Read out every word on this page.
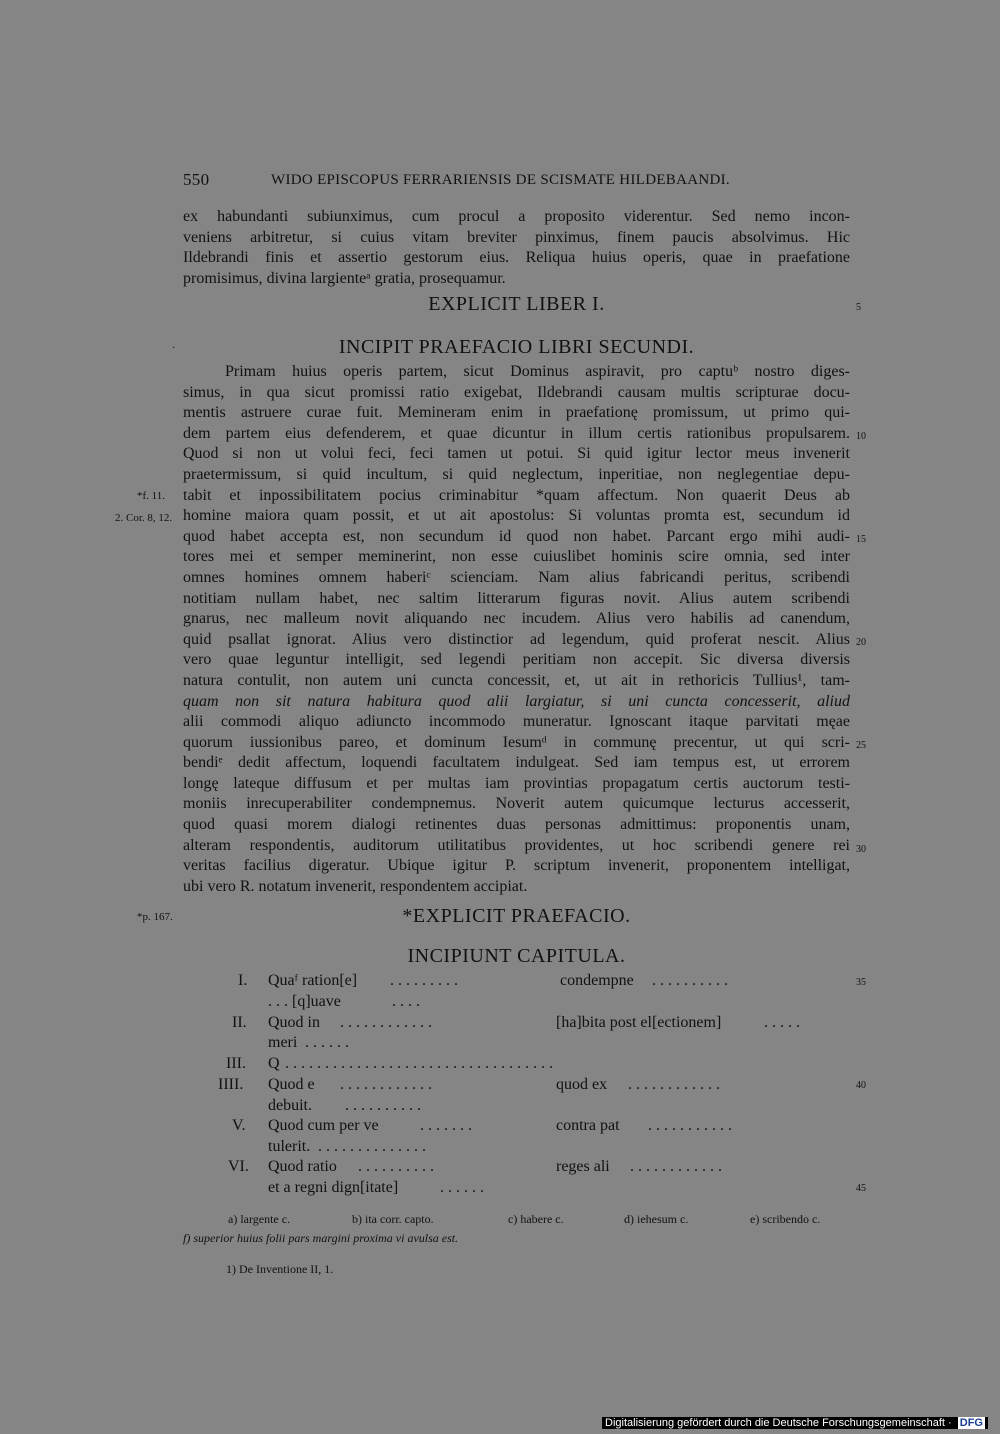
550	WIDO EPISCOPUS FERRARIENSIS DE SCISMATE HILDEBAANDI.
ex habundanti subiunximus, cum procul a proposito viderentur. Sed nemo incon-
veniens arbitretur, si cuius vitam breviter pinximus, finem paucis absolvimus. Hic
Ildebrandi finis et assertio gestorum eius. Reliqua huius operis, quae in praefatione
promisimus, divina largienteᵃ gratia, prosequamur.
EXPLICIT LIBER I.
INCIPIT PRAEFACIO LIBRI SECUNDI.
·
Primam huius operis partem, sicut Dominus aspiravit, pro captuᵇ nostro diges-
simus, in qua sicut promissi ratio exigebat, Ildebrandi causam multis scripturae docu-
mentis astruere curae fuit. Memineram enim in praefationę promissum, ut primo qui-
dem partem eius defenderem, et quae dicuntur in illum certis rationibus propulsarem.
Quod si non ut volui feci, feci tamen ut potui. Si quid igitur lector meus invenerit
praetermissum, si quid incultum, si quid neglectum, inperitiae, non neglegentiae depu-
tabit et inpossibilitatem pocius criminabitur *quam affectum. Non quaerit Deus ab
homine maiora quam possit, et ut ait apostolus: Si voluntas promta est, secundum id
quod habet accepta est, non secundum id quod non habet. Parcant ergo mihi audi-
tores mei et semper meminerint, non esse cuiuslibet hominis scire omnia, sed inter
omnes homines omnem haberiᶜ scienciam. Nam alius fabricandi peritus, scribendi
notitiam nullam habet, nec saltim litterarum figuras novit. Alius autem scribendi
gnarus, nec malleum novit aliquando nec incudem. Alius vero habilis ad canendum,
quid psallat ignorat. Alius vero distinctior ad legendum, quid proferat nescit. Alius
vero quae leguntur intelligit, sed legendi peritiam non accepit. Sic diversa diversis
natura contulit, non autem uni cuncta concessit, et, ut ait in rethoricis Tullius¹, tam-
quam non sit natura habitura quod alii largiatur, si uni cuncta concesserit, aliud
alii commodi aliquo adiuncto incommodo muneratur. Ignoscant itaque parvitati męae
quorum iussionibus pareo, et dominum Iesumᵈ in communę precentur, ut qui scri-
bendiᵉ dedit affectum, loquendi facultatem indulgeat. Sed iam tempus est, ut errorem
longę lateque diffusum et per multas iam provintias propagatum certis auctorum testi-
moniis inrecuperabiliter condempnemus. Noverit autem quicumque lecturus accesserit,
quod quasi morem dialogi retinentes duas personas admittimus: proponentis unam,
alteram respondentis, auditorum utilitatibus providentes, ut hoc scribendi genere rei
veritas facilius digeratur. Ubique igitur P. scriptum invenerit, proponentem intelligat,
ubi vero R. notatum invenerit, respondentem accipiat.
*EXPLICIT PRAEFACIO.
INCIPIUNT CAPITULA.
5
10
15
20
25
30
35
40
45
*f. 11.
2. Cor. 8, 12.
*p. 167.
I. Quaᶠ ration[e] . . . . . . . . .	condempne . . . . . . . . . .
. . . [q]uave	. . . .
II. Quod in . . . . . . . . . . . .	[ha]bita post el[ectionem]	. . . . .
meri . . . . . .
III. Q . . . . . . . . . . . . . . . . . . . . . . . . . . . . . . . . . .
IIII. Quod e . . . . . . . . . . . .	quod ex . . . . . . . . . . . .
debuit. . . . . . . . . . .
V. Quod cum per ve	. . . . . . .	contra pat . . . . . . . . . . .
tulerit. . . . . . . . . . . . . . .
VI. Quod ratio . . . . . . . . . .	reges ali . . . . . . . . . . . .
et a regni dign[itate]	. . . . . .
a) largente c.	b) ita corr. capto.	c) habere c.	d) iehesum c.	e) scribendo c.
f) superior huius folii pars margini proxima vi avulsa est.
1) De Inventione II, 1.
Digitalisierung gefördert durch die Deutsche Forschungsgemeinschaft · DFG
